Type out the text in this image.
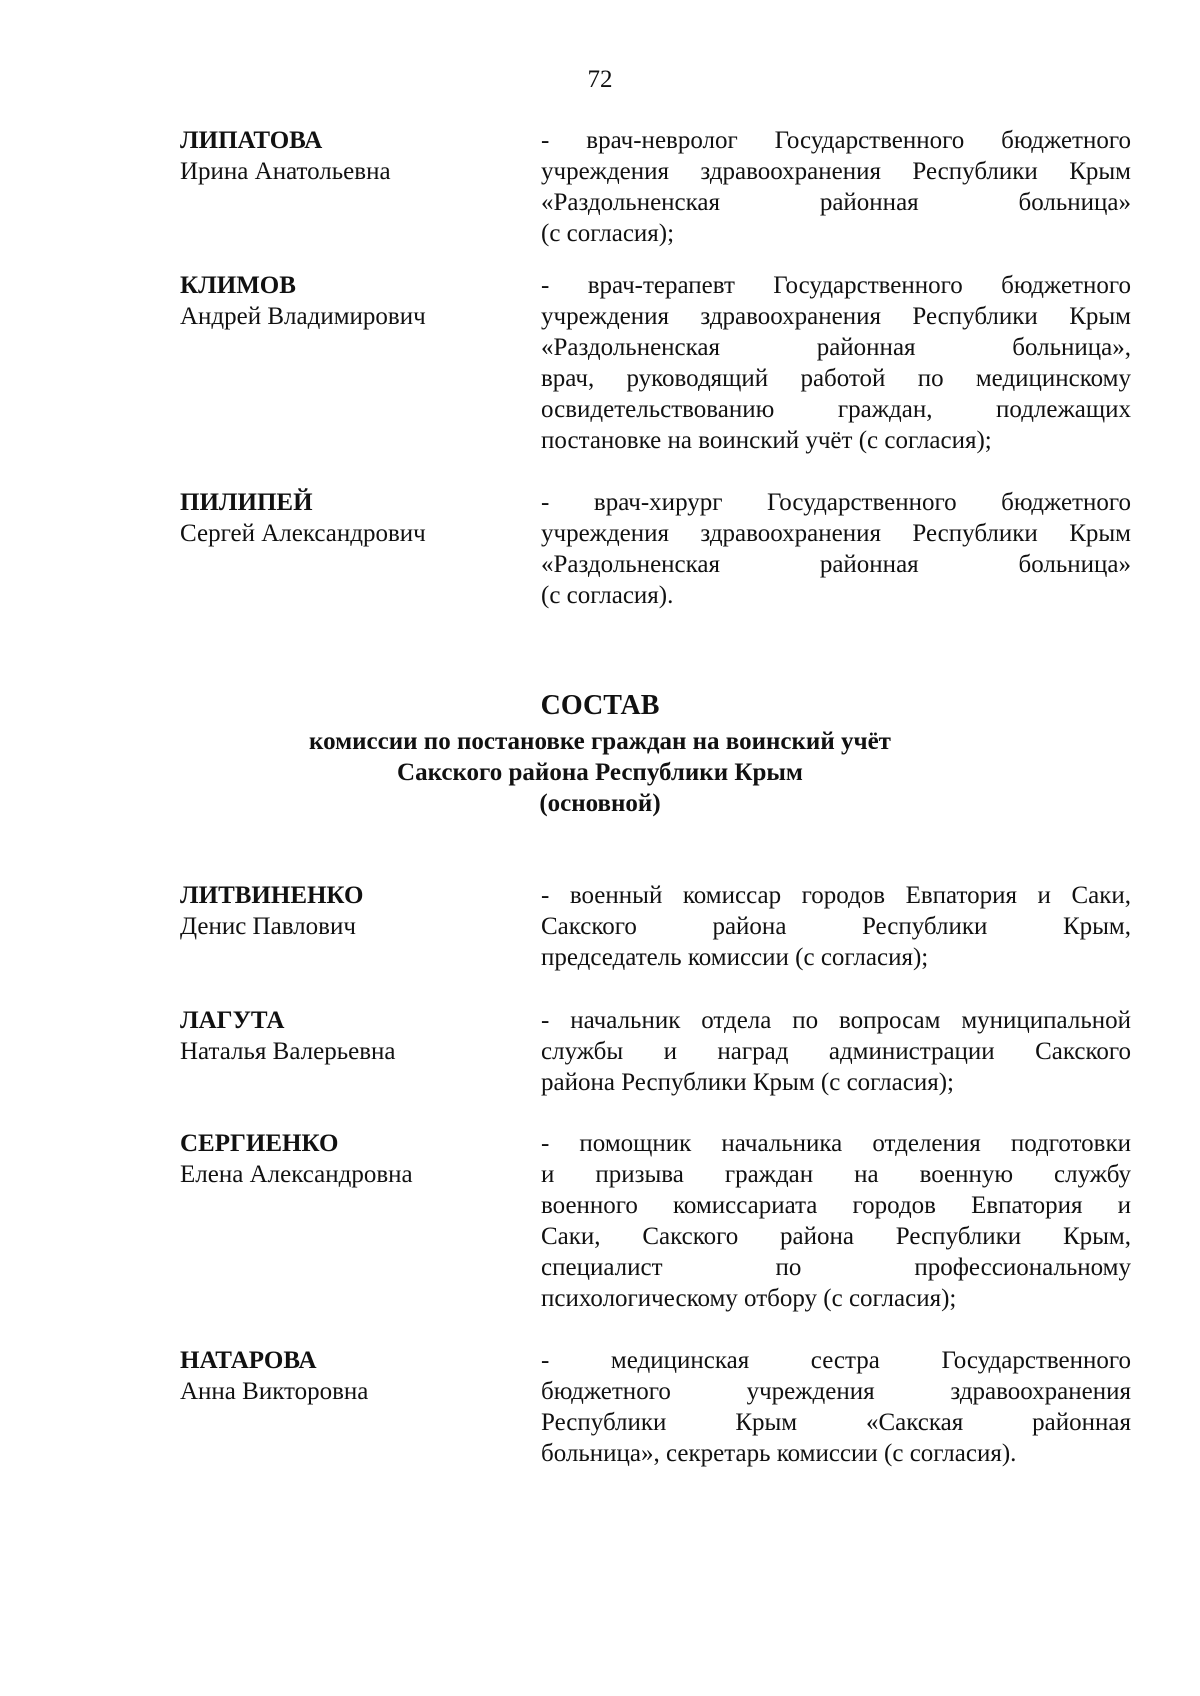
72
ЛИПАТОВА
Ирина Анатольевна
- врач-невролог Государственного бюджетного
учреждения здравоохранения Республики Крым
«Раздольненская районная больница»
(с согласия);
КЛИМОВ
Андрей Владимирович
- врач-терапевт Государственного бюджетного
учреждения здравоохранения Республики Крым
«Раздольненская районная больница»,
врач, руководящий работой по медицинскому
освидетельствованию граждан, подлежащих
постановке на воинский учёт (с согласия);
ПИЛИПЕЙ
Сергей Александрович
- врач-хирург Государственного бюджетного
учреждения здравоохранения Республики Крым
«Раздольненская районная больница»
(с согласия).
СОСТАВ
комиссии по постановке граждан на воинский учёт
Сакского района Республики Крым
(основной)
ЛИТВИНЕНКО
Денис Павлович
- военный комиссар городов Евпатория и Саки,
Сакского района Республики Крым,
председатель комиссии (с согласия);
ЛАГУТА
Наталья Валерьевна
- начальник отдела по вопросам муниципальной
службы и наград администрации Сакского
района Республики Крым (с согласия);
СЕРГИЕНКО
Елена Александровна
- помощник начальника отделения подготовки
и призыва граждан на военную службу
военного комиссариата городов Евпатория и
Саки, Сакского района Республики Крым,
специалист по профессиональному
психологическому отбору (с согласия);
НАТАРОВА
Анна Викторовна
- медицинская сестра Государственного
бюджетного учреждения здравоохранения
Республики Крым «Сакская районная
больница», секретарь комиссии (с согласия).
